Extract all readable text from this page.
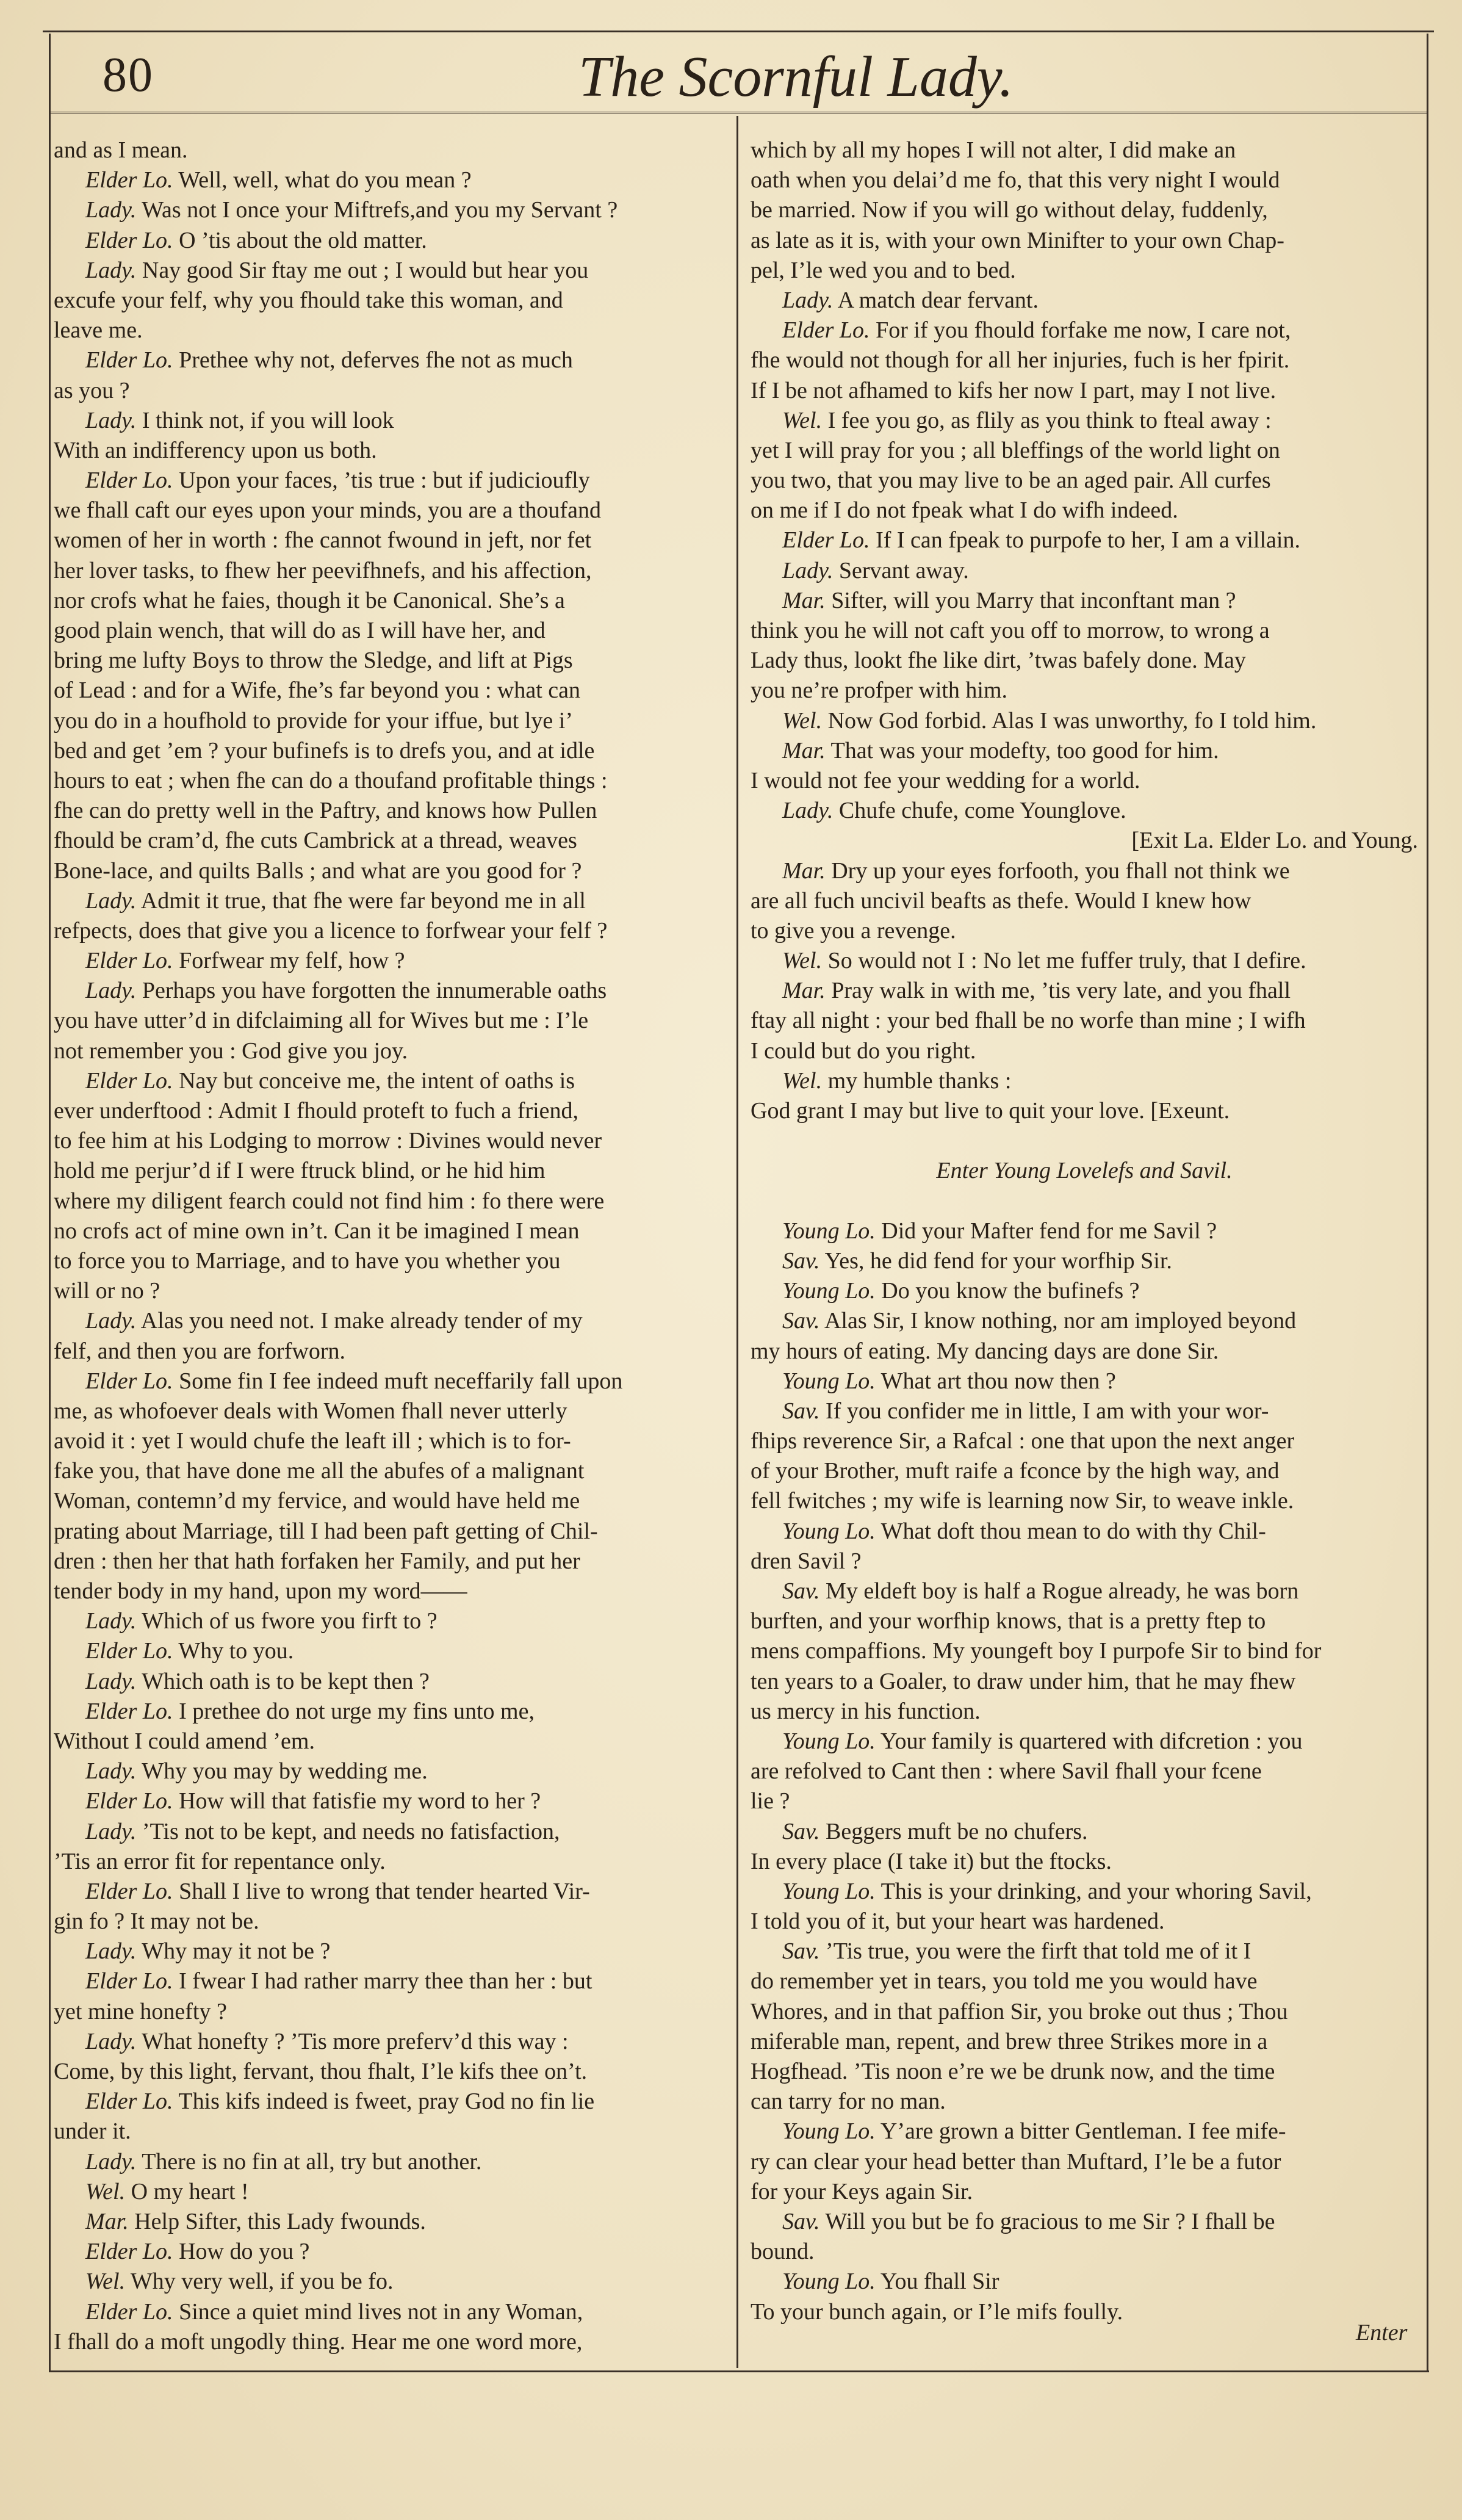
80	The Scornful Lady.
and as I mean.
Elder Lo. Well, well, what do you mean ?
Lady. Was not I once your Miftrefs,and you my Servant ?
Elder Lo. O ’tis about the old matter.
Lady. Nay good Sir ftay me out ; I would but hear you
excufe your felf, why you fhould take this woman, and
leave me.
Elder Lo. Prethee why not, deferves fhe not as much
as you ?
Lady. I think not, if you will look
With an indifferency upon us both.
Elder Lo. Upon your faces, ’tis true : but if judicioufly
we fhall caft our eyes upon your minds, you are a thoufand
women of her in worth : fhe cannot fwound in jeft, nor fet
her lover tasks, to fhew her peevifhnefs, and his affection,
nor crofs what he faies, though it be Canonical. She’s a
good plain wench, that will do as I will have her, and
bring me lufty Boys to throw the Sledge, and lift at Pigs
of Lead : and for a Wife, fhe’s far beyond you : what can
you do in a houfhold to provide for your iffue, but lye i’
bed and get ’em ? your bufinefs is to drefs you, and at idle
hours to eat ; when fhe can do a thoufand profitable things :
fhe can do pretty well in the Paftry, and knows how Pullen
fhould be cram’d, fhe cuts Cambrick at a thread, weaves
Bone-lace, and quilts Balls ; and what are you good for ?
Lady. Admit it true, that fhe were far beyond me in all
refpects, does that give you a licence to forfwear your felf ?
Elder Lo. Forfwear my felf, how ?
Lady. Perhaps you have forgotten the innumerable oaths
you have utter’d in difclaiming all for Wives but me : I’le
not remember you : God give you joy.
Elder Lo. Nay but conceive me, the intent of oaths is
ever underftood : Admit I fhould proteft to fuch a friend,
to fee him at his Lodging to morrow : Divines would never
hold me perjur’d if I were ftruck blind, or he hid him
where my diligent fearch could not find him : fo there were
no crofs act of mine own in’t. Can it be imagined I mean
to force you to Marriage, and to have you whether you
will or no ?
Lady. Alas you need not. I make already tender of my
felf, and then you are forfworn.
Elder Lo. Some fin I fee indeed muft neceffarily fall upon
me, as whofoever deals with Women fhall never utterly
avoid it : yet I would chufe the leaft ill ; which is to for-
fake you, that have done me all the abufes of a malignant
Woman, contemn’d my fervice, and would have held me
prating about Marriage, till I had been paft getting of Chil-
dren : then her that hath forfaken her Family, and put her
tender body in my hand, upon my word——
Lady. Which of us fwore you firft to ?
Elder Lo. Why to you.
Lady. Which oath is to be kept then ?
Elder Lo. I prethee do not urge my fins unto me,
Without I could amend ’em.
Lady. Why you may by wedding me.
Elder Lo. How will that fatisfie my word to her ?
Lady. ’Tis not to be kept, and needs no fatisfaction,
’Tis an error fit for repentance only.
Elder Lo. Shall I live to wrong that tender hearted Vir-
gin fo ? It may not be.
Lady. Why may it not be ?
Elder Lo. I fwear I had rather marry thee than her : but
yet mine honefty ?
Lady. What honefty ? ’Tis more preferv’d this way :
Come, by this light, fervant, thou fhalt, I’le kifs thee on’t.
Elder Lo. This kifs indeed is fweet, pray God no fin lie
under it.
Lady. There is no fin at all, try but another.
Wel. O my heart !
Mar. Help Sifter, this Lady fwounds.
Elder Lo. How do you ?
Wel. Why very well, if you be fo.
Elder Lo. Since a quiet mind lives not in any Woman,
I fhall do a moft ungodly thing. Hear me one word more,
which by all my hopes I will not alter, I did make an
oath when you delai’d me fo, that this very night I would
be married. Now if you will go without delay, fuddenly,
as late as it is, with your own Minifter to your own Chap-
pel, I’le wed you and to bed.
Lady. A match dear fervant.
Elder Lo. For if you fhould forfake me now, I care not,
fhe would not though for all her injuries, fuch is her fpirit.
If I be not afhamed to kifs her now I part, may I not live.
Wel. I fee you go, as flily as you think to fteal away :
yet I will pray for you ; all bleffings of the world light on
you two, that you may live to be an aged pair. All curfes
on me if I do not fpeak what I do wifh indeed.
Elder Lo. If I can fpeak to purpofe to her, I am a villain.
Lady. Servant away.
Mar. Sifter, will you Marry that inconftant man ?
think you he will not caft you off to morrow, to wrong a
Lady thus, lookt fhe like dirt, ’twas bafely done. May
you ne’re profper with him.
Wel. Now God forbid. Alas I was unworthy, fo I told him.
Mar. That was your modefty, too good for him.
I would not fee your wedding for a world.
Lady. Chufe chufe, come Younglove.
[Exit La. Elder Lo. and Young.
Mar. Dry up your eyes forfooth, you fhall not think we
are all fuch uncivil beafts as thefe. Would I knew how
to give you a revenge.
Wel. So would not I : No let me fuffer truly, that I defire.
Mar. Pray walk in with me, ’tis very late, and you fhall
ftay all night : your bed fhall be no worfe than mine ; I wifh
I could but do you right.
Wel. my humble thanks :
God grant I may but live to quit your love. [Exeunt.
Enter Young Lovelefs and Savil.
Young Lo. Did your Mafter fend for me Savil ?
Sav. Yes, he did fend for your worfhip Sir.
Young Lo. Do you know the bufinefs ?
Sav. Alas Sir, I know nothing, nor am imployed beyond
my hours of eating. My dancing days are done Sir.
Young Lo. What art thou now then ?
Sav. If you confider me in little, I am with your wor-
fhips reverence Sir, a Rafcal : one that upon the next anger
of your Brother, muft raife a fconce by the high way, and
fell fwitches ; my wife is learning now Sir, to weave inkle.
Young Lo. What doft thou mean to do with thy Chil-
dren Savil ?
Sav. My eldeft boy is half a Rogue already, he was born
burften, and your worfhip knows, that is a pretty ftep to
mens compaffions. My youngeft boy I purpofe Sir to bind for
ten years to a Goaler, to draw under him, that he may fhew
us mercy in his function.
Young Lo. Your family is quartered with difcretion : you
are refolved to Cant then : where Savil fhall your fcene
lie ?
Sav. Beggers muft be no chufers.
In every place (I take it) but the ftocks.
Young Lo. This is your drinking, and your whoring Savil,
I told you of it, but your heart was hardened.
Sav. ’Tis true, you were the firft that told me of it I
do remember yet in tears, you told me you would have
Whores, and in that paffion Sir, you broke out thus ; Thou
miferable man, repent, and brew three Strikes more in a
Hogfhead. ’Tis noon e’re we be drunk now, and the time
can tarry for no man.
Young Lo. Y’are grown a bitter Gentleman. I fee mife-
ry can clear your head better than Muftard, I’le be a futor
for your Keys again Sir.
Sav. Will you but be fo gracious to me Sir ? I fhall be
bound.
Young Lo. You fhall Sir
To your bunch again, or I’le mifs foully.
Enter
